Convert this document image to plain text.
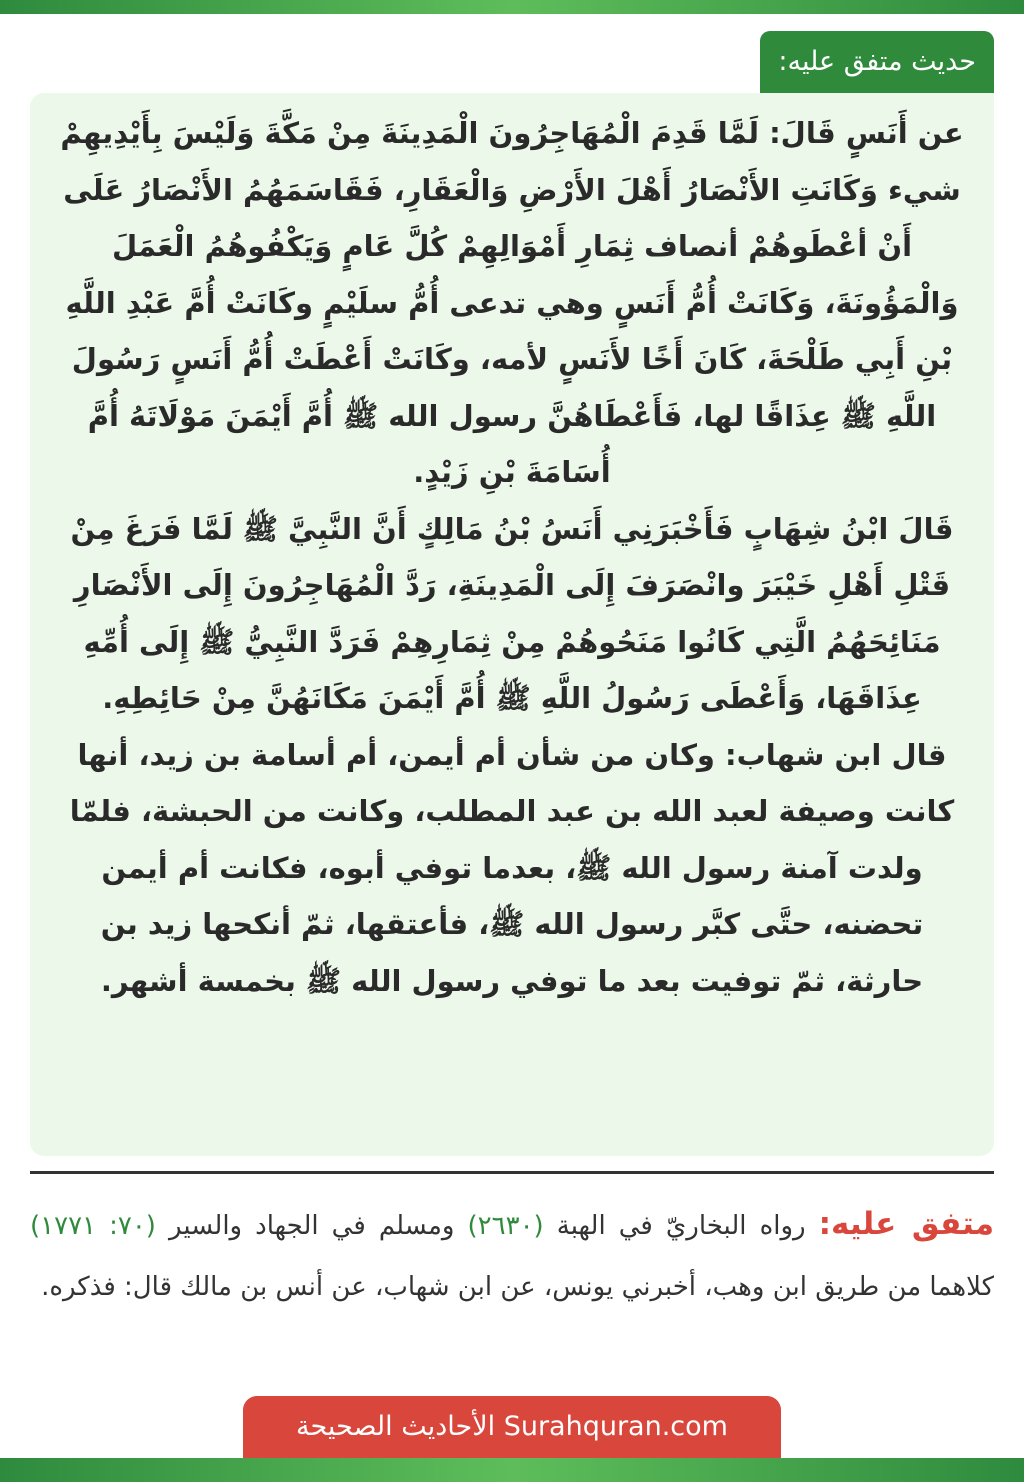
حديث متفق عليه:

عن أَنَسٍ قَالَ: لَمَّا قَدِمَ الْمُهَاجِرُونَ الْمَدِينَةَ مِنْ مَكَّةَ وَلَيْسَ بِأَيْدِيهِمْ شيء وَكَانَتِ الأَنْصَارُ أَهْلَ الأَرْضِ وَالْعَقَارِ، فَقَاسَمَهُمُ الأَنْصَارُ عَلَى أَنْ أعْطَوهُمْ أنصاف ثِمَارِ أَمْوَالِهِمْ كُلَّ عَامٍ وَيَكْفُوهُمُ الْعَمَلَ وَالْمَؤُونَةَ، وَكَانَتْ أُمُّ أَنَسٍ وهي تدعى أُمُّ سلَيْمٍ وكَانَتْ أُمَّ عَبْدِ اللَّهِ بْنِ أَبِي طَلْحَةَ، كَانَ أَخًا لأَنَسٍ لأمه، وكَانَتْ أَعْطَتْ أُمُّ أَنَسٍ رَسُولَ اللَّهِ ﷺ عِذَاقًا لها، فَأَعْطَاهُنَّ رسول الله ﷺ أُمَّ أَيْمَنَ مَوْلَاتَهُ أُمَّ أُسَامَةَ بْنِ زَيْدٍ.

قَالَ ابْنُ شِهَابٍ فَأَخْبَرَنِي أَنَسُ بْنُ مَالِكٍ أَنَّ النَّبِيَّ ﷺ لَمَّا فَرَغَ مِنْ قَتْلِ أَهْلِ خَيْبَرَ وانْصَرَفَ إِلَى الْمَدِينَةِ، رَدَّ الْمُهَاجِرُونَ إِلَى الأَنْصَارِ مَنَائِحَهُمُ الَّتِي كَانُوا مَنَحُوهُمْ مِنْ ثِمَارِهِمْ فَرَدَّ النَّبِيُّ ﷺ إِلَى أُمِّهِ عِذَاقَهَا، وَأَعْطَى رَسُولُ اللَّهِ ﷺ أُمَّ أَيْمَنَ مَكَانَهُنَّ مِنْ حَائِطِهِ.

قال ابن شهاب: وكان من شأن أم أيمن، أم أسامة بن زيد، أنها كانت وصيفة لعبد الله بن عبد المطلب، وكانت من الحبشة، فلمّا ولدت آمنة رسول الله ﷺ، بعدما توفي أبوه، فكانت أم أيمن تحضنه، حتَّى كبَّر رسول الله ﷺ، فأعتقها، ثمّ أنكحها زيد بن حارثة، ثمّ توفيت بعد ما توفي رسول الله ﷺ بخمسة أشهر.

متفق عليه: رواه البخاريّ في الهبة (٢٦٣٠) ومسلم في الجهاد والسير (٧٠: ١٧٧١) كلاهما من طريق ابن وهب، أخبرني يونس، عن ابن شهاب، عن أنس بن مالك قال: فذكره.
الأحاديث الصحيحة Surahquran.com
